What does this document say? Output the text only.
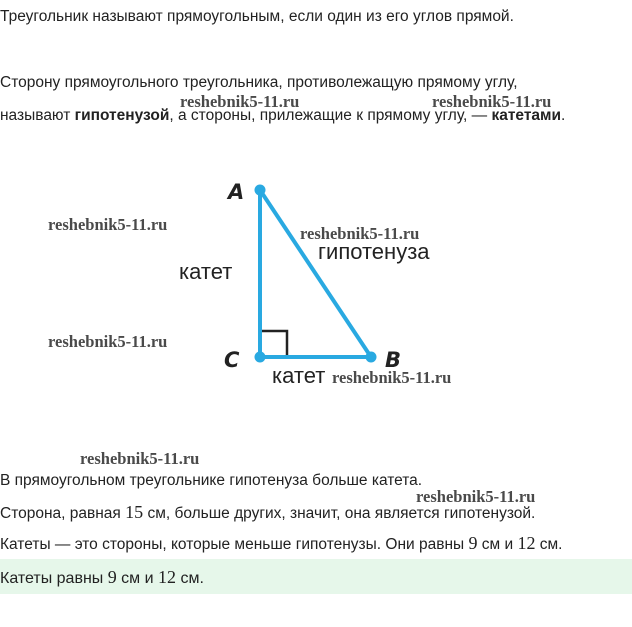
Треугольник называют прямоугольным, если один из его углов прямой.
Сторону прямоугольного треугольника, противолежащую прямому углу,
называют гипотенузой, а стороны, прилежащие к прямому углу, — катетами.
A
C	B
катет
катет
гипотенуза
В прямоугольном треугольнике гипотенуза больше катета.
Сторона, равная 15 см, больше других, значит, она является гипотенузой.
Катеты — это стороны, которые меньше гипотенузы. Они равны 9 см и 12 см.
Катеты равны 9 см и 12 см.
reshebnik5-11.ru	reshebnik5-11.ru
reshebnik5-11.ru	reshebnik5-11.ru
reshebnik5-11.ru
reshebnik5-11.ru
reshebnik5-11.ru
reshebnik5-11.ru
